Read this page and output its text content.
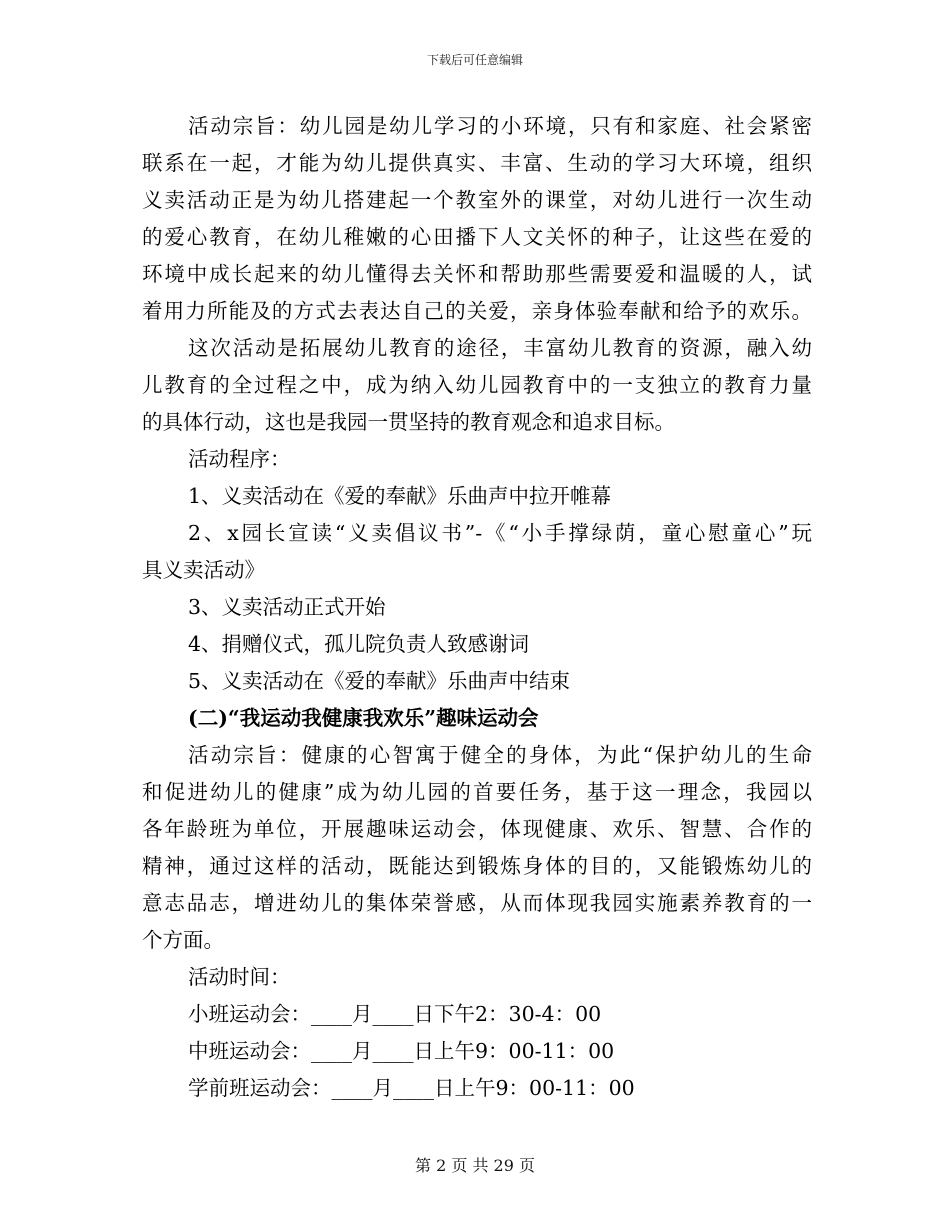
下载后可任意编辑
活动宗旨：幼儿园是幼儿学习的小环境，只有和家庭、社会紧密
联系在一起，才能为幼儿提供真实、丰富、生动的学习大环境，组织
义卖活动正是为幼儿搭建起一个教室外的课堂，对幼儿进行一次生动
的爱心教育，在幼儿稚嫩的心田播下人文关怀的种子，让这些在爱的
环境中成长起来的幼儿懂得去关怀和帮助那些需要爱和温暖的人，试
着用力所能及的方式去表达自己的关爱，亲身体验奉献和给予的欢乐。
这次活动是拓展幼儿教育的途径，丰富幼儿教育的资源，融入幼
儿教育的全过程之中，成为纳入幼儿园教育中的一支独立的教育力量
的具体行动，这也是我园一贯坚持的教育观念和追求目标。
活动程序：
1、义卖活动在《爱的奉献》乐曲声中拉开帷幕
2、x园长宣读“义卖倡议书”-《“小手撑绿荫，童心慰童心”玩
具义卖活动》
3、义卖活动正式开始
4、捐赠仪式，孤儿院负责人致感谢词
5、义卖活动在《爱的奉献》乐曲声中结束
(二)“我运动我健康我欢乐”趣味运动会
活动宗旨：健康的心智寓于健全的身体，为此“保护幼儿的生命
和促进幼儿的健康”成为幼儿园的首要任务，基于这一理念，我园以
各年龄班为单位，开展趣味运动会，体现健康、欢乐、智慧、合作的
精神，通过这样的活动，既能达到锻炼身体的目的，又能锻炼幼儿的
意志品志，增进幼儿的集体荣誉感，从而体现我园实施素养教育的一
个方面。
活动时间：
小班运动会：____月____日下午2：30-4：00
中班运动会：____月____日上午9：00-11：00
学前班运动会：____月____日上午9：00-11：00
第 2 页 共 29 页
